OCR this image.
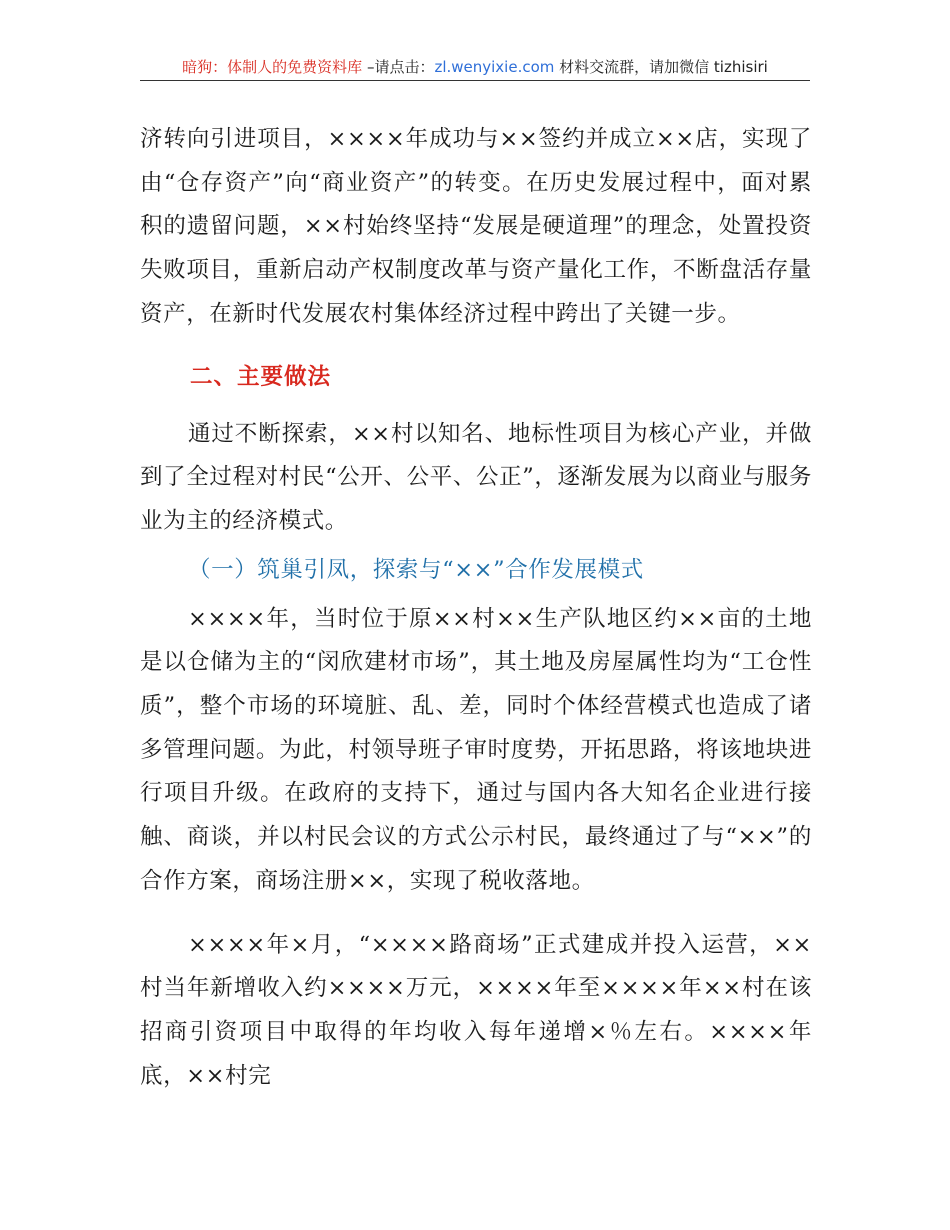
暗狗：体制人的免费资料库 –请点击：zl.wenyixie.com 材料交流群，请加微信 tizhisiri

济转向引进项目，××××年成功与××签约并成立××店，实现了由“仓存资产”向“商业资产”的转变。在历史发展过程中，面对累积的遗留问题，××村始终坚持“发展是硬道理”的理念，处置投资失败项目，重新启动产权制度改革与资产量化工作，不断盘活存量资产，在新时代发展农村集体经济过程中跨出了关键一步。

二、主要做法

通过不断探索，××村以知名、地标性项目为核心产业，并做到了全过程对村民“公开、公平、公正”，逐渐发展为以商业与服务业为主的经济模式。

（一）筑巢引凤，探索与“××”合作发展模式

××××年，当时位于原××村××生产队地区约××亩的土地是以仓储为主的“闵欣建材市场”，其土地及房屋属性均为“工仓性质”，整个市场的环境脏、乱、差，同时个体经营模式也造成了诸多管理问题。为此，村领导班子审时度势，开拓思路，将该地块进行项目升级。在政府的支持下，通过与国内各大知名企业进行接触、商谈，并以村民会议的方式公示村民，最终通过了与“××”的合作方案，商场注册××，实现了税收落地。

××××年×月，“××××路商场”正式建成并投入运营，××村当年新增收入约××××万元，××××年至××××年××村在该招商引资项目中取得的年均收入每年递增×％左右。××××年底，××村完
